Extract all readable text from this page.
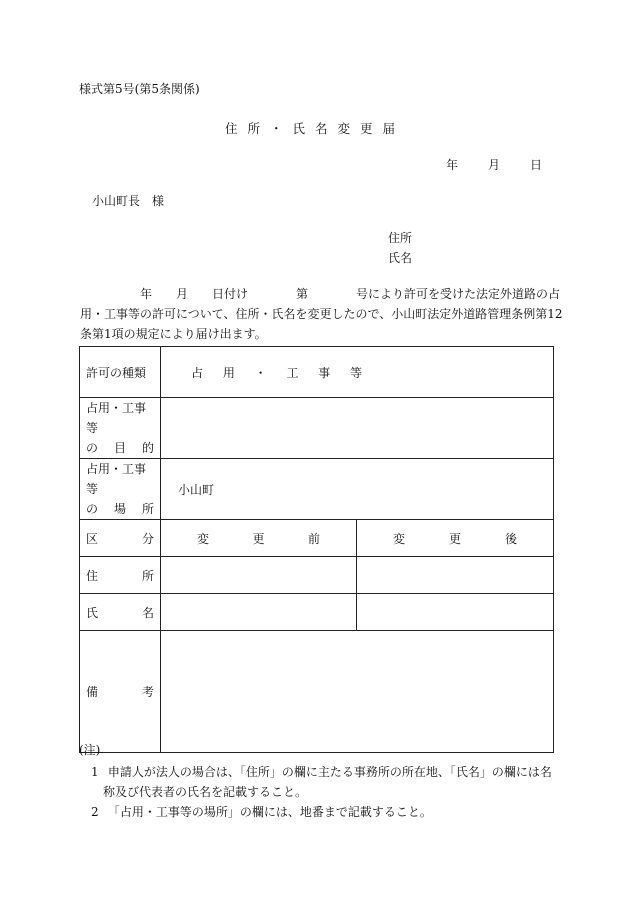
様式第5号(第5条関係)
住所・氏名変更届
年　　月　　日
小山町長　様
住所
氏名
　　　　　年　　月　　日付け　　　　第　　　　号により許可を受けた法定外道路の占
用・工事等の許可について、住所・氏名を変更したので、小山町法定外道路管理条例第12
条第1項の規定により届け出ます。
許可の種類	占 用 ・ 工 事 等	

占用・工事等
の 目 的		

占用・工事等
の 場 所	小山町	

区 分	変 更 前	変 更 後

住 所		

氏 名		

備 考		

(注)
1 申請人が法人の場合は、「住所」の欄に主たる事務所の所在地、「氏名」の欄には名
称及び代表者の氏名を記載すること。
2 「占用・工事等の場所」の欄には、地番まで記載すること。
